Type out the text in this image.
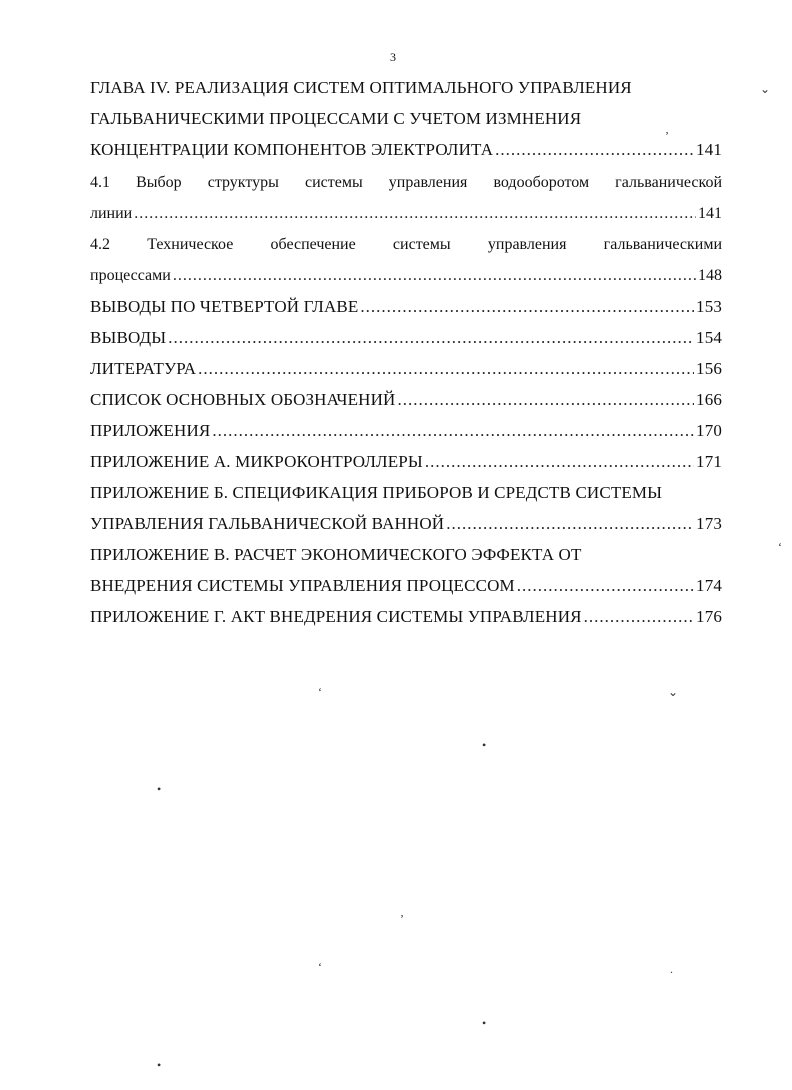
3
ГЛАВА IV. РЕАЛИЗАЦИЯ СИСТЕМ ОПТИМАЛЬНОГО УПРАВЛЕНИЯ
ГАЛЬВАНИЧЕСКИМИ ПРОЦЕССАМИ С УЧЕТОМ ИЗМНЕНИЯ
КОНЦЕНТРАЦИИ КОМПОНЕНТОВ ЭЛЕКТРОЛИТА .....	141
4.1 Выбор структуры системы управления водооборотом гальванической
линии .....	141
4.2 Техническое обеспечение системы управления гальваническими
процессами .....	148
ВЫВОДЫ ПО ЧЕТВЕРТОЙ ГЛАВЕ .....	153
ВЫВОДЫ .....	154
ЛИТЕРАТУРА .....	156
СПИСОК ОСНОВНЫХ ОБОЗНАЧЕНИЙ .....	166
ПРИЛОЖЕНИЯ .....	170
ПРИЛОЖЕНИЕ А. МИКРОКОНТРОЛЛЕРЫ .....	171
ПРИЛОЖЕНИЕ Б. СПЕЦИФИКАЦИЯ ПРИБОРОВ И СРЕДСТВ СИСТЕМЫ
УПРАВЛЕНИЯ ГАЛЬВАНИЧЕСКОЙ ВАННОЙ .....	173
ПРИЛОЖЕНИЕ В. РАСЧЕТ ЭКОНОМИЧЕСКОГО ЭФФЕКТА ОТ
ВНЕДРЕНИЯ СИСТЕМЫ УПРАВЛЕНИЯ ПРОЦЕССОМ .....	174
ПРИЛОЖЕНИЕ Г. АКТ ВНЕДРЕНИЯ СИСТЕМЫ УПРАВЛЕНИЯ .....	176
⌄
‚
‘	⌄
•
•
‘
‚
‘	.
•
•
